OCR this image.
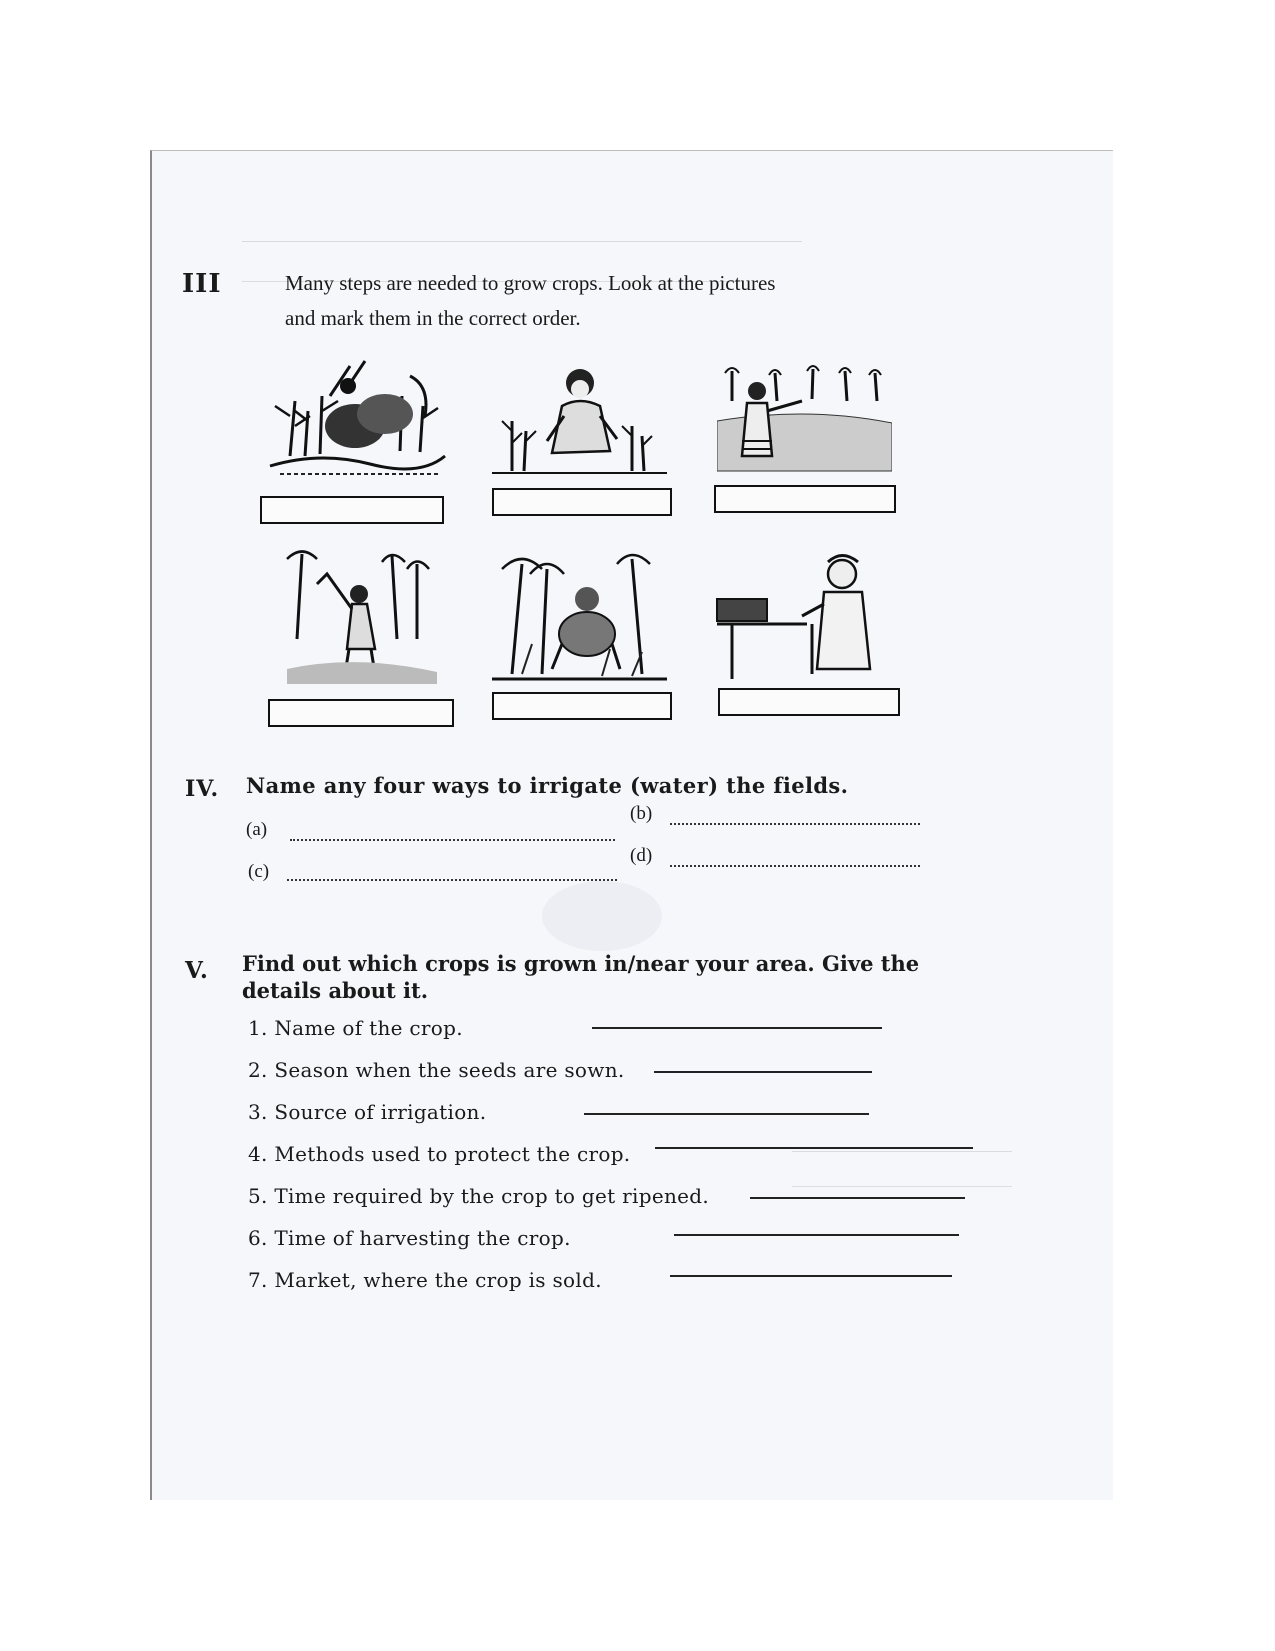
III	Many steps are needed to grow crops. Look at the pictures
and mark them in the correct order.
IV. Name any four ways to irrigate (water) the fields.
(a)
(b)
(c)
(d)
V. Find out which crops is grown in/near your area. Give the
details about it.
1. Name of the crop.
2. Season when the seeds are sown.
3. Source of irrigation.
4. Methods used to protect the crop.
5. Time required by the crop to get ripened.
6. Time of harvesting the crop.
7. Market, where the crop is sold.
